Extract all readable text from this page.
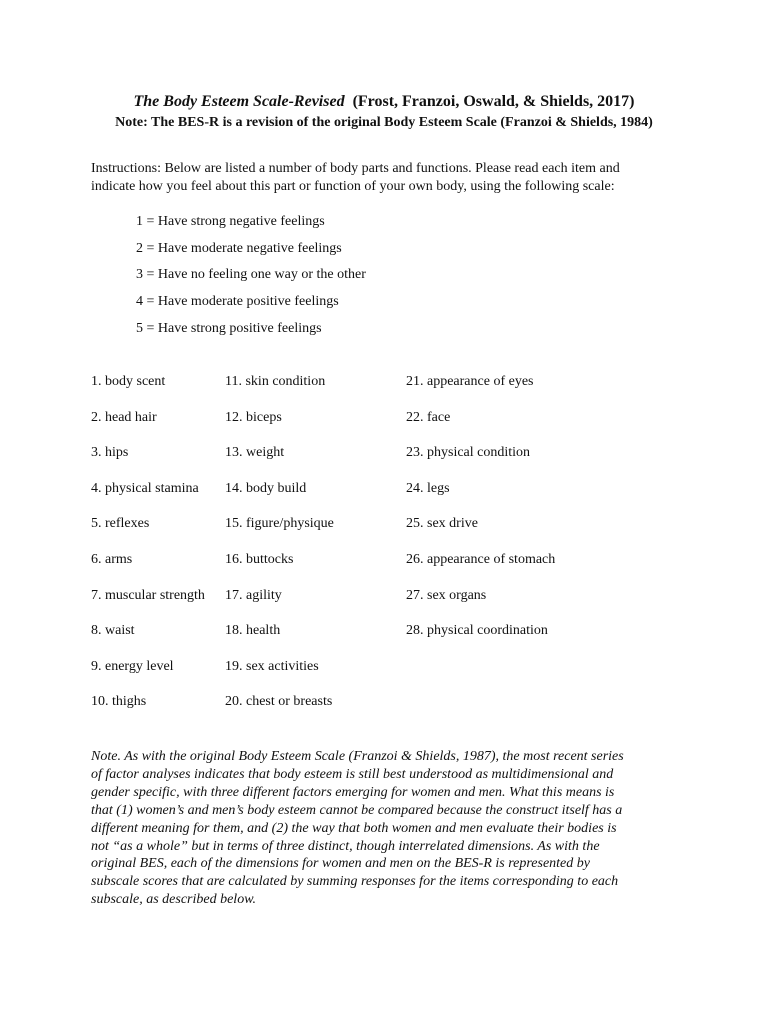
The Body Esteem Scale-Revised (Frost, Franzoi, Oswald, & Shields, 2017)
Note: The BES-R is a revision of the original Body Esteem Scale (Franzoi & Shields, 1984)
Instructions: Below are listed a number of body parts and functions. Please read each item and
indicate how you feel about this part or function of your own body, using the following scale:
1 = Have strong negative feelings
2 = Have moderate negative feelings
3 = Have no feeling one way or the other
4 = Have moderate positive feelings
5 = Have strong positive feelings
1. body scent
2. head hair
3. hips
4. physical stamina
5. reflexes
6. arms
7. muscular strength
8. waist
9. energy level
10. thighs
11. skin condition
12. biceps
13. weight
14. body build
15. figure/physique
16. buttocks
17. agility
18. health
19. sex activities
20. chest or breasts
21. appearance of eyes
22. face
23. physical condition
24. legs
25. sex drive
26. appearance of stomach
27. sex organs
28. physical coordination
Note. As with the original Body Esteem Scale (Franzoi & Shields, 1987), the most recent series
of factor analyses indicates that body esteem is still best understood as multidimensional and
gender specific, with three different factors emerging for women and men. What this means is
that (1) women’s and men’s body esteem cannot be compared because the construct itself has a
different meaning for them, and (2) the way that both women and men evaluate their bodies is
not “as a whole” but in terms of three distinct, though interrelated dimensions. As with the
original BES, each of the dimensions for women and men on the BES-R is represented by
subscale scores that are calculated by summing responses for the items corresponding to each
subscale, as described below.
